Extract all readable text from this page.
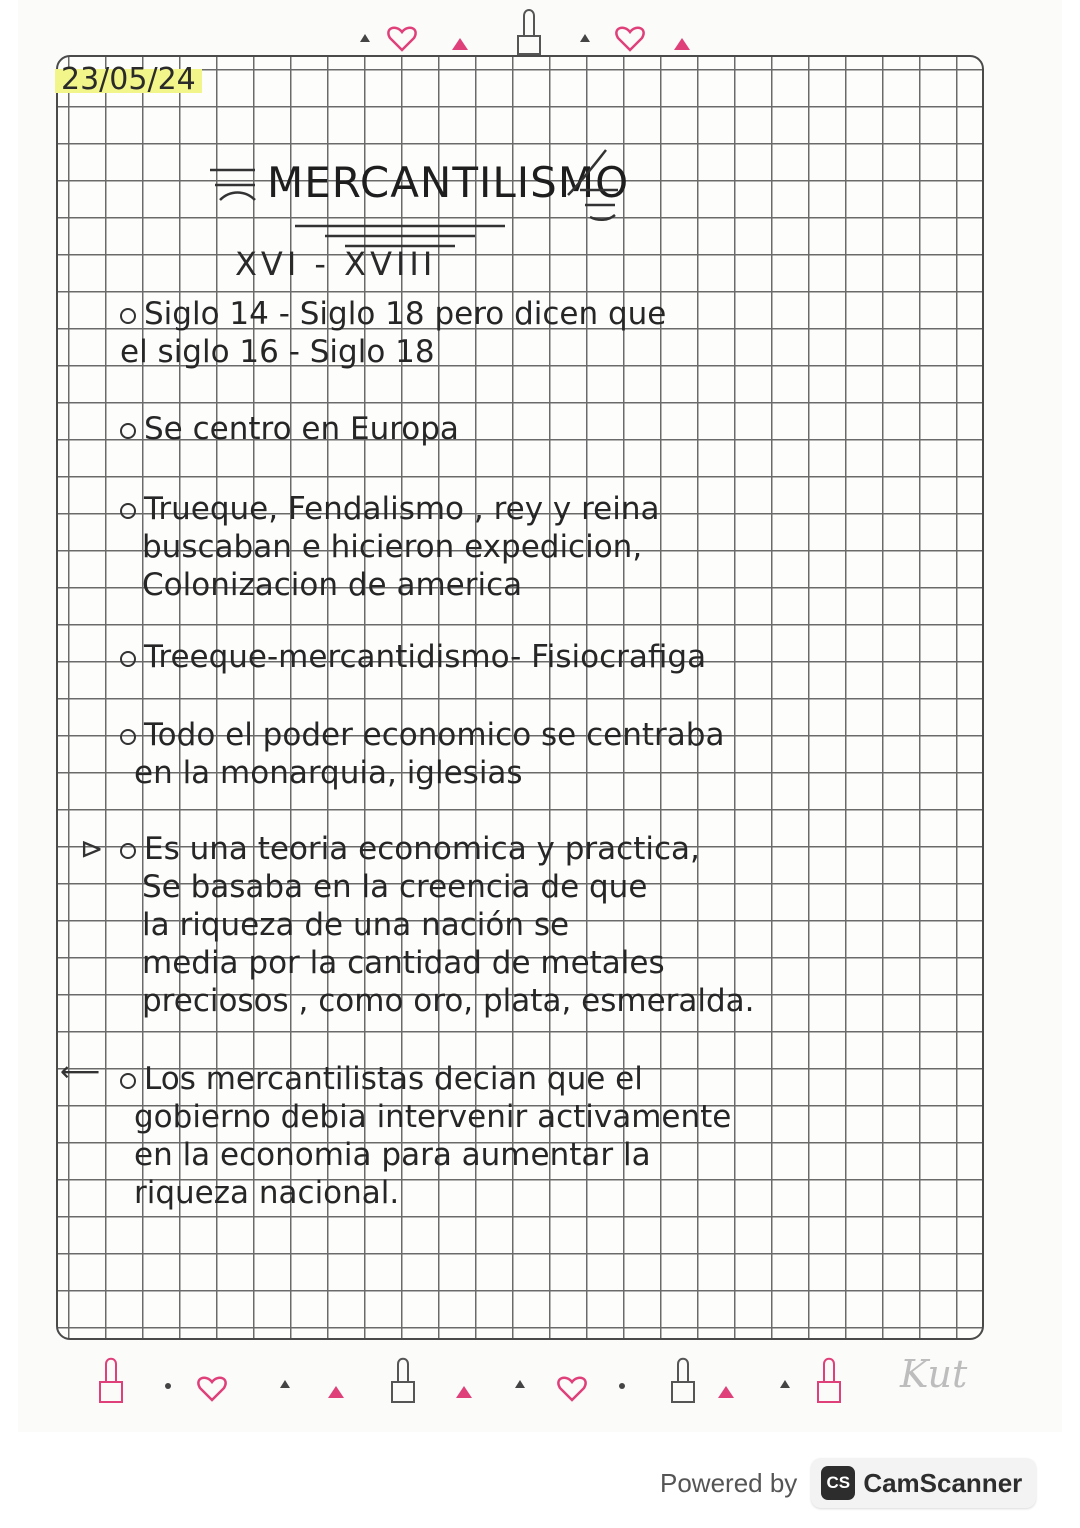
23/05/24
MERCANTILISMO
XVI - XVIII
Siglo 14 - Siglo 18 pero dicen que
el siglo 16 - Siglo 18
Se centro en Europa
Trueque, Fendalismo , rey y reina
buscaban e hicieron expedicion,
Colonizacion de america
Treeque-mercantidismo- Fisiocrafiga
Todo el poder economico se centraba
en la monarquia, iglesias
⊳	Es una teoria economica y practica,
Se basaba en la creencia de que
la riqueza de una nación se
media por la cantidad de metales
preciosos , como oro, plata, esmeralda.
⟵	Los mercantilistas decian que el
gobierno debia intervenir activamente
en la economia para aumentar la
riqueza nacional.
Kut
Powered by	CS CamScanner
